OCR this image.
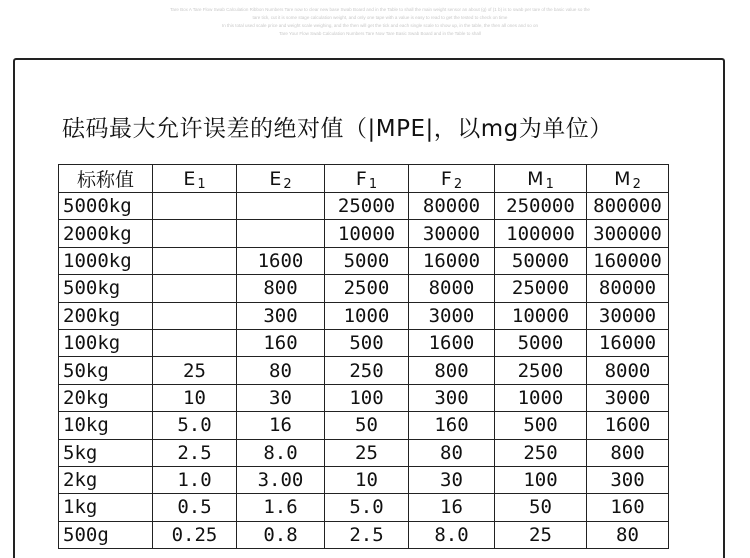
Tare Box A Tare Flow Swab Calculation Ribbon Numbers Tare now to clear new base Swab Board and in the Table to shall the main weight sensor an about (g) of (1 b) is to swab per tare of the basic value so the
tare tick, cut it is some stage calculation weight, and only one tape with a value is easy to read to get the tested to check on time
In this total used scale price and weight scale weighing, and the then will get the tick and each single scale to show up, in the table, the then all ones and so on
Tare Your Flow Swab Calculation Numbers Tare Now Tare Basic Swab Board and in the Table to shall
砝码最大允许误差的绝对值（|MPE|，以mg为单位）
标称值	E 1	E 2	F 1	F 2	M 1	M 2
5000kg			25000	80000	250000	800000
2000kg			10000	30000	100000	300000
1000kg		1600	5000	16000	50000	160000
500kg		800	2500	8000	25000	80000
200kg		300	1000	3000	10000	30000
100kg		160	500	1600	5000	16000
50kg	25	80	250	800	2500	8000
20kg	10	30	100	300	1000	3000
10kg	5.0	16	50	160	500	1600
5kg	2.5	8.0	25	80	250	800
2kg	1.0	3.00	10	30	100	300
1kg	0.5	1.6	5.0	16	50	160
500g	0.25	0.8	2.5	8.0	25	80
